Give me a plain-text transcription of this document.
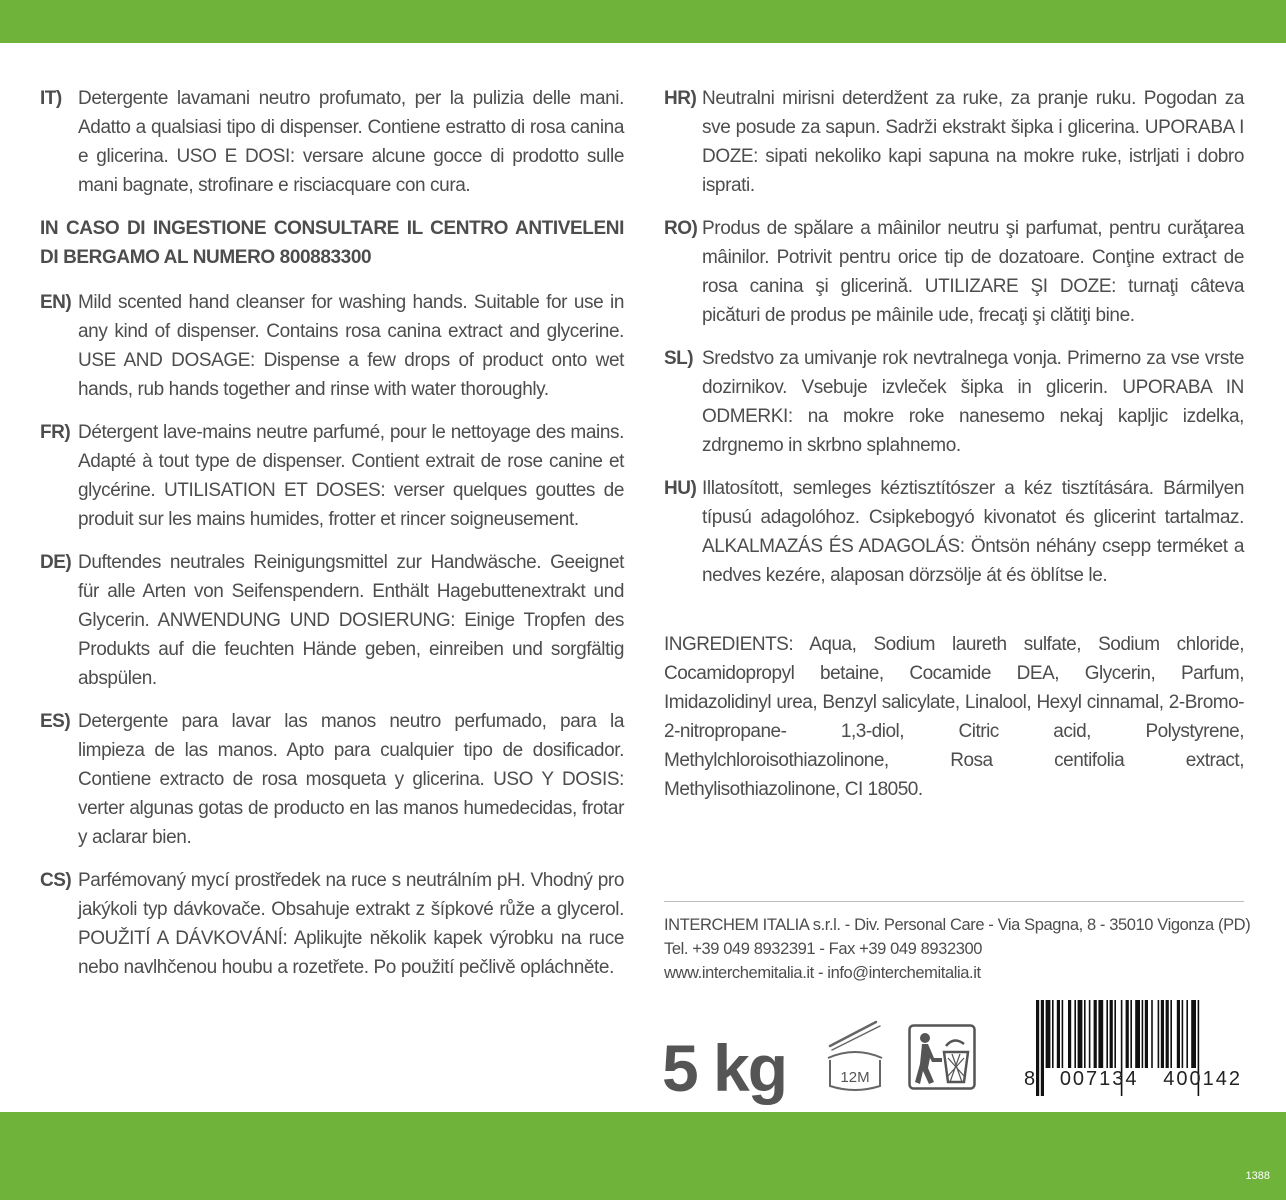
IT) Detergente lavamani neutro profumato, per la pulizia delle mani. Adatto a qualsiasi tipo di dispenser. Contiene estratto di rosa canina e glicerina. USO E DOSI: versare alcune gocce di prodotto sulle mani bagnate, strofinare e risciacquare con cura.
IN CASO DI INGESTIONE CONSULTARE IL CENTRO ANTIVELENI DI BERGAMO AL NUMERO 800883300
EN) Mild scented hand cleanser for washing hands. Suitable for use in any kind of dispenser. Contains rosa canina extract and glycerine. USE AND DOSAGE: Dispense a few drops of product onto wet hands, rub hands together and rinse with water thoroughly.
FR) Détergent lave-mains neutre parfumé, pour le nettoyage des mains. Adapté à tout type de dispenser. Contient extrait de rose canine et glycérine. UTILISATION ET DOSES: verser quelques gouttes de produit sur les mains humides, frotter et rincer soigneusement.
DE) Duftendes neutrales Reinigungsmittel zur Handwäsche. Geeignet für alle Arten von Seifenspendern. Enthält Hagebuttenextrakt und Glycerin. ANWENDUNG UND DOSIERUNG: Einige Tropfen des Produkts auf die feuchten Hände geben, einreiben und sorgfältig abspülen.
ES) Detergente para lavar las manos neutro perfumado, para la limpieza de las manos. Apto para cualquier tipo de dosificador. Contiene extracto de rosa mosqueta y glicerina. USO Y DOSIS: verter algunas gotas de producto en las manos humedecidas, frotar y aclarar bien.
CS) Parfémovaný mycí prostředek na ruce s neutrálním pH. Vhodný pro jakýkoli typ dávkovače. Obsahuje extrakt z šípkové růže a glycerol. POUŽITÍ A DÁVKOVÁNÍ: Aplikujte několik kapek výrobku na ruce nebo navlhčenou houbu a rozetřete. Po použití pečlivě opláchněte.
HR) Neutralni mirisni deterdžent za ruke, za pranje ruku. Pogodan za sve posude za sapun. Sadrži ekstrakt šipka i glicerina. UPORABA I DOZE: sipati nekoliko kapi sapuna na mokre ruke, istrljati i dobro isprati.
RO) Produs de spălare a mâinilor neutru şi parfumat, pentru curăţarea mâinilor. Potrivit pentru orice tip de dozatoare. Conţine extract de rosa canina şi glicerină. UTILIZARE ŞI DOZE: turnaţi câteva picături de produs pe mâinile ude, frecaţi şi clătiţi bine.
SL) Sredstvo za umivanje rok nevtralnega vonja. Primerno za vse vrste dozirnikov. Vsebuje izvleček šipka in glicerin. UPORABA IN ODMERKI: na mokre roke nanesemo nekaj kapljic izdelka, zdrgnemo in skrbno splahnemo.
HU) Illatosított, semleges kéztisztítószer a kéz tisztítására. Bármilyen típusú adagolóhoz. Csipkebogyó kivonatot és glicerint tartalmaz. ALKALMAZÁS ÉS ADAGOLÁS: Öntsön néhány csepp terméket a nedves kezére, alaposan dörzsölje át és öblítse le.
INGREDIENTS: Aqua, Sodium laureth sulfate, Sodium chloride, Cocamidopropyl betaine, Cocamide DEA, Glycerin, Parfum, Imidazolidinyl urea, Benzyl salicylate, Linalool, Hexyl cinnamal, 2-Bromo-2-nitropropane- 1,3-diol, Citric acid, Polystyrene, Methylchloroisothiazolinone, Rosa centifolia extract, Methylisothiazolinone, CI 18050.
INTERCHEM ITALIA s.r.l. - Div. Personal Care - Via Spagna, 8 - 35010 Vigonza (PD)
Tel. +39 049 8932391 - Fax +39 049 8932300
www.interchemitalia.it - info@interchemitalia.it
5 kg	12M	8 007134 400142
1388
